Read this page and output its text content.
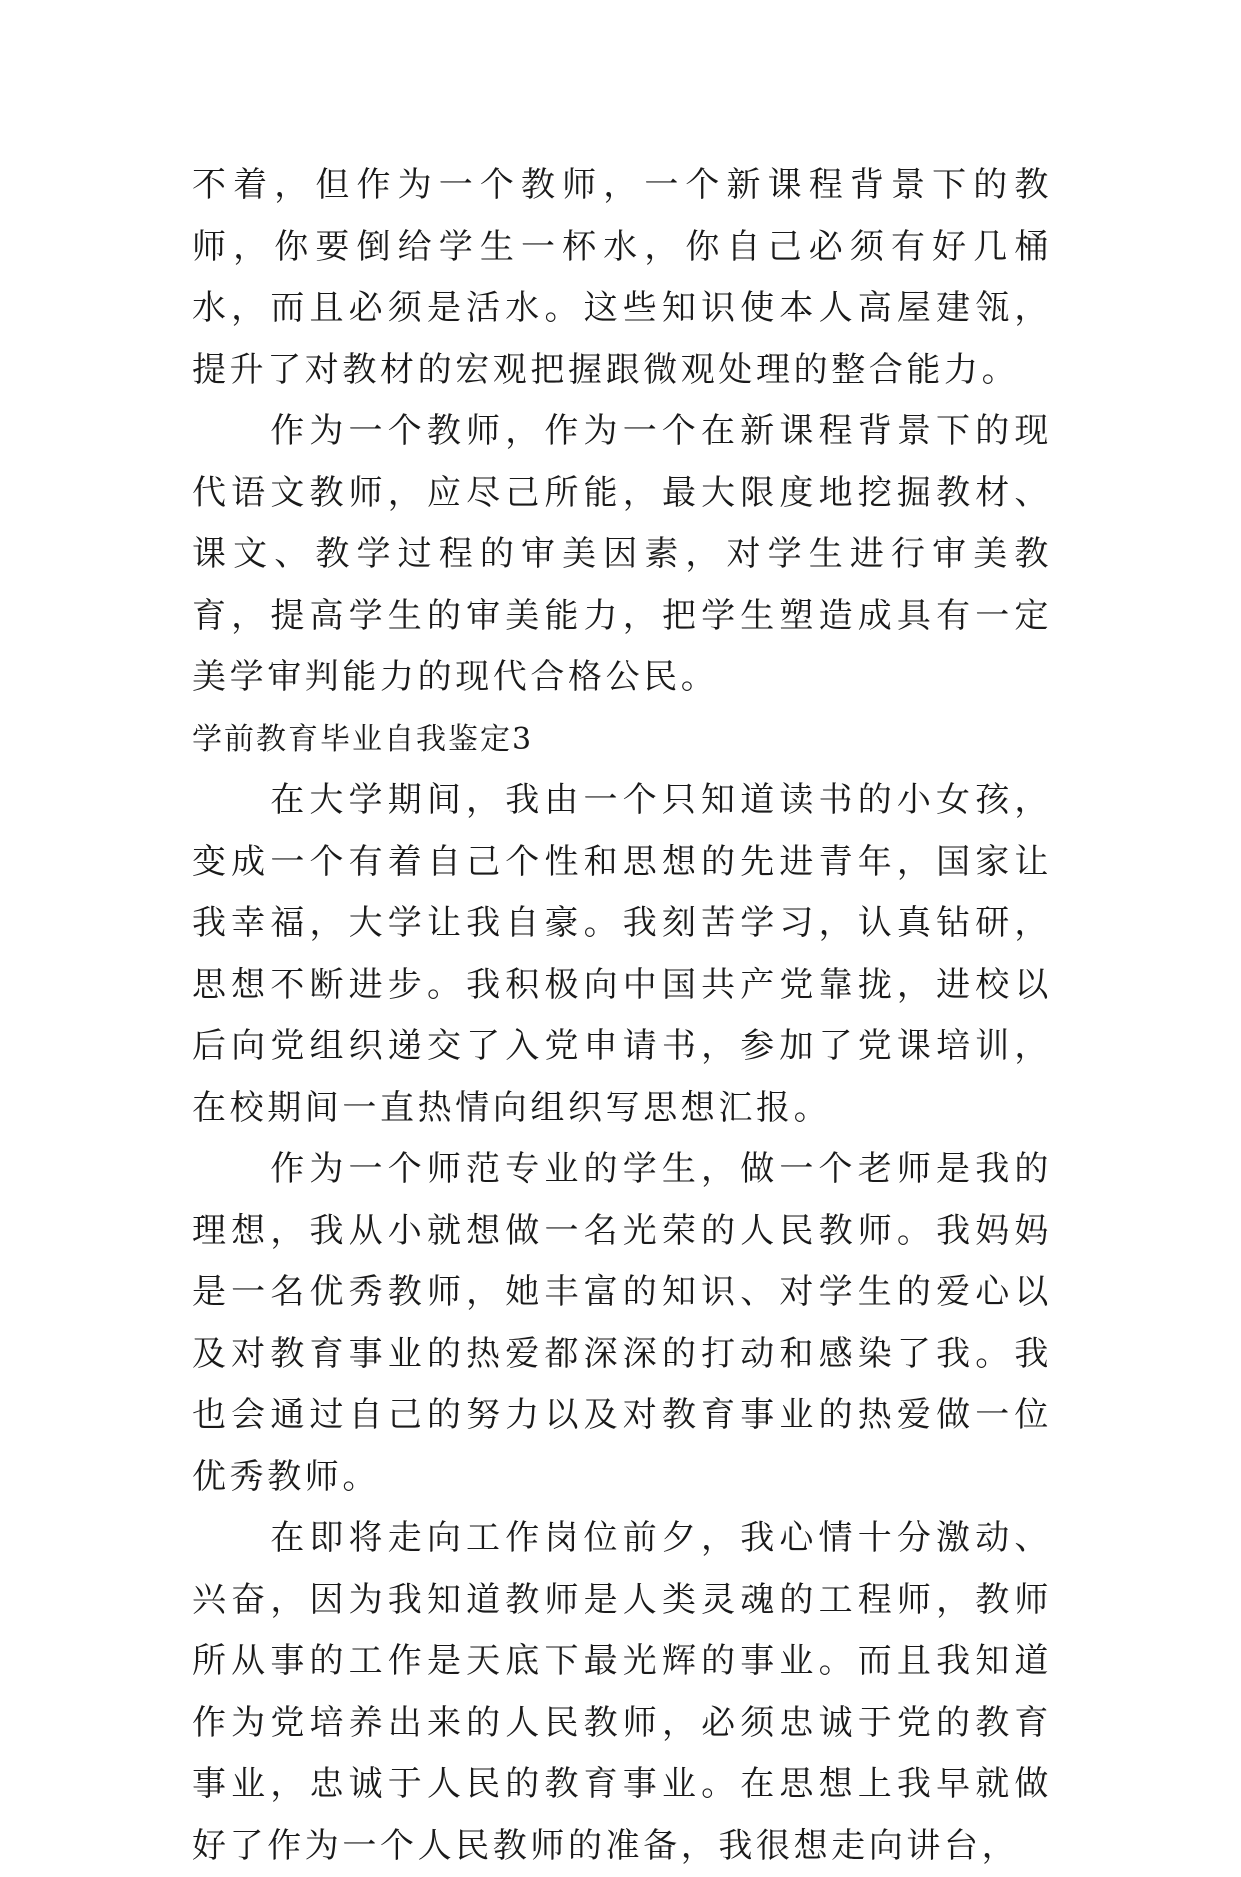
不着，但作为一个教师，一个新课程背景下的教师，你要倒给学生一杯水，你自己必须有好几桶水，而且必须是活水。这些知识使本人高屋建瓴，提升了对教材的宏观把握跟微观处理的整合能力。

作为一个教师，作为一个在新课程背景下的现代语文教师，应尽己所能，最大限度地挖掘教材、课文、教学过程的审美因素，对学生进行审美教育，提高学生的审美能力，把学生塑造成具有一定美学审判能力的现代合格公民。

学前教育毕业自我鉴定3

在大学期间，我由一个只知道读书的小女孩，变成一个有着自己个性和思想的先进青年，国家让我幸福，大学让我自豪。我刻苦学习，认真钻研，思想不断进步。我积极向中国共产党靠拢，进校以后向党组织递交了入党申请书，参加了党课培训，在校期间一直热情向组织写思想汇报。

作为一个师范专业的学生，做一个老师是我的理想，我从小就想做一名光荣的人民教师。我妈妈是一名优秀教师，她丰富的知识、对学生的爱心以及对教育事业的热爱都深深的打动和感染了我。我也会通过自己的努力以及对教育事业的热爱做一位优秀教师。

在即将走向工作岗位前夕，我心情十分激动、兴奋，因为我知道教师是人类灵魂的工程师，教师所从事的工作是天底下最光辉的事业。而且我知道作为党培养出来的人民教师，必须忠诚于党的教育事业，忠诚于人民的教育事业。在思想上我早就做好了作为一个人民教师的准备，我很想走向讲台，
